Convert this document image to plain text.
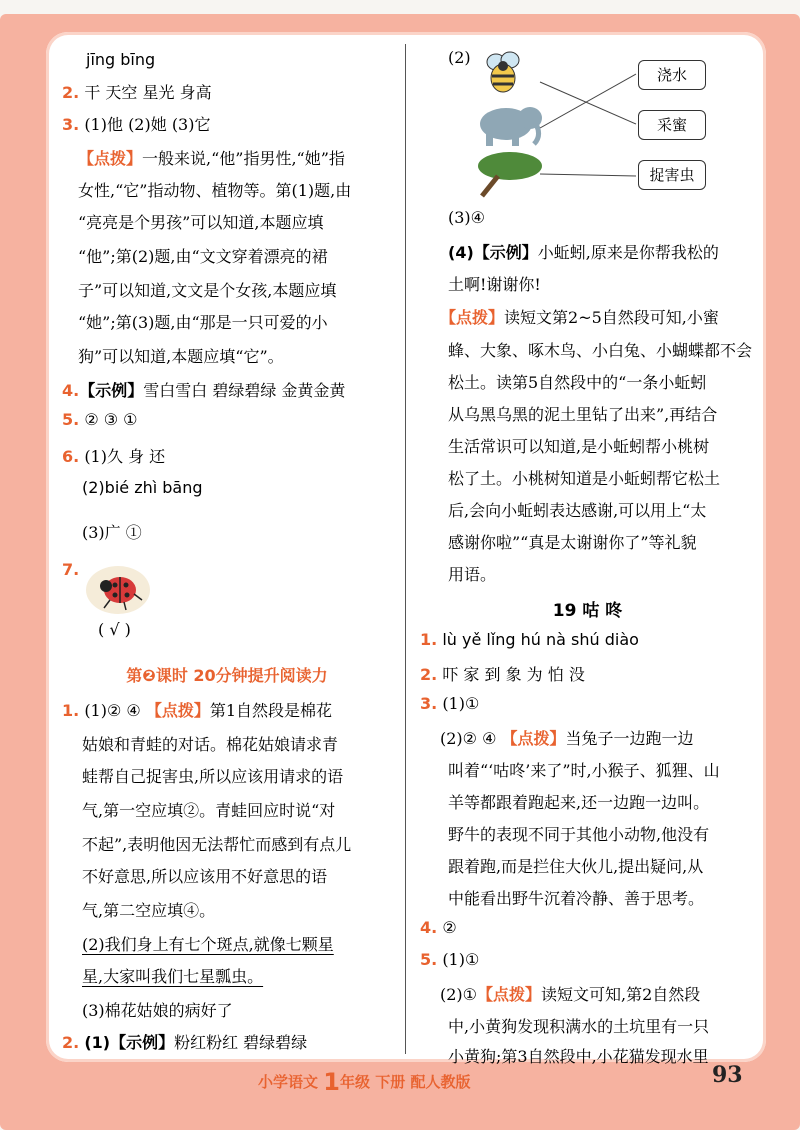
jīng bīng
2. 干 天空 星光 身高
3. (1)他 (2)她 (3)它
【点拨】一般来说,“他”指男性,“她”指
女性,“它”指动物、植物等。第(1)题,由
“亮亮是个男孩”可以知道,本题应填
“他”;第(2)题,由“文文穿着漂亮的裙
子”可以知道,文文是个女孩,本题应填
“她”;第(3)题,由“那是一只可爱的小
狗”可以知道,本题应填“它”。
4.【示例】雪白雪白 碧绿碧绿 金黄金黄
5. ② ③ ①
6. (1)久 身 还
(2)bié zhì bāng
(3)广 ①
7.
( √ )
第❷课时 20分钟提升阅读力
1. (1)② ④ 【点拨】第1自然段是棉花
姑娘和青蛙的对话。棉花姑娘请求青
蛙帮自己捉害虫,所以应该用请求的语
气,第一空应填②。青蛙回应时说“对
不起”,表明他因无法帮忙而感到有点儿
不好意思,所以应该用不好意思的语
气,第二空应填④。
(2)我们身上有七个斑点,就像七颗星
星,大家叫我们七星瓢虫。
(3)棉花姑娘的病好了
2. (1)【示例】粉红粉红 碧绿碧绿
(2)
浇水
采蜜
捉害虫
(3)④
(4)【示例】小蚯蚓,原来是你帮我松的
土啊!谢谢你!
【点拨】读短文第2~5自然段可知,小蜜
蜂、大象、啄木鸟、小白兔、小蝴蝶都不会
松土。读第5自然段中的“一条小蚯蚓
从乌黑乌黑的泥土里钻了出来”,再结合
生活常识可以知道,是小蚯蚓帮小桃树
松了土。小桃树知道是小蚯蚓帮它松土
后,会向小蚯蚓表达感谢,可以用上“太
感谢你啦”“真是太谢谢你了”等礼貌
用语。
19 咕 咚
1. lù yě lǐng hú nà shú diào
2. 吓 家 到 象 为 怕 没
3. (1)①
(2)② ④ 【点拨】当兔子一边跑一边
叫着“‘咕咚’来了”时,小猴子、狐狸、山
羊等都跟着跑起来,还一边跑一边叫。
野牛的表现不同于其他小动物,他没有
跟着跑,而是拦住大伙儿,提出疑问,从
中能看出野牛沉着冷静、善于思考。
4. ②
5. (1)①
(2)①【点拨】读短文可知,第2自然段
中,小黄狗发现积满水的土坑里有一只
小黄狗;第3自然段中,小花猫发现水里
小学语文 1年级 下册 配人教版	93
